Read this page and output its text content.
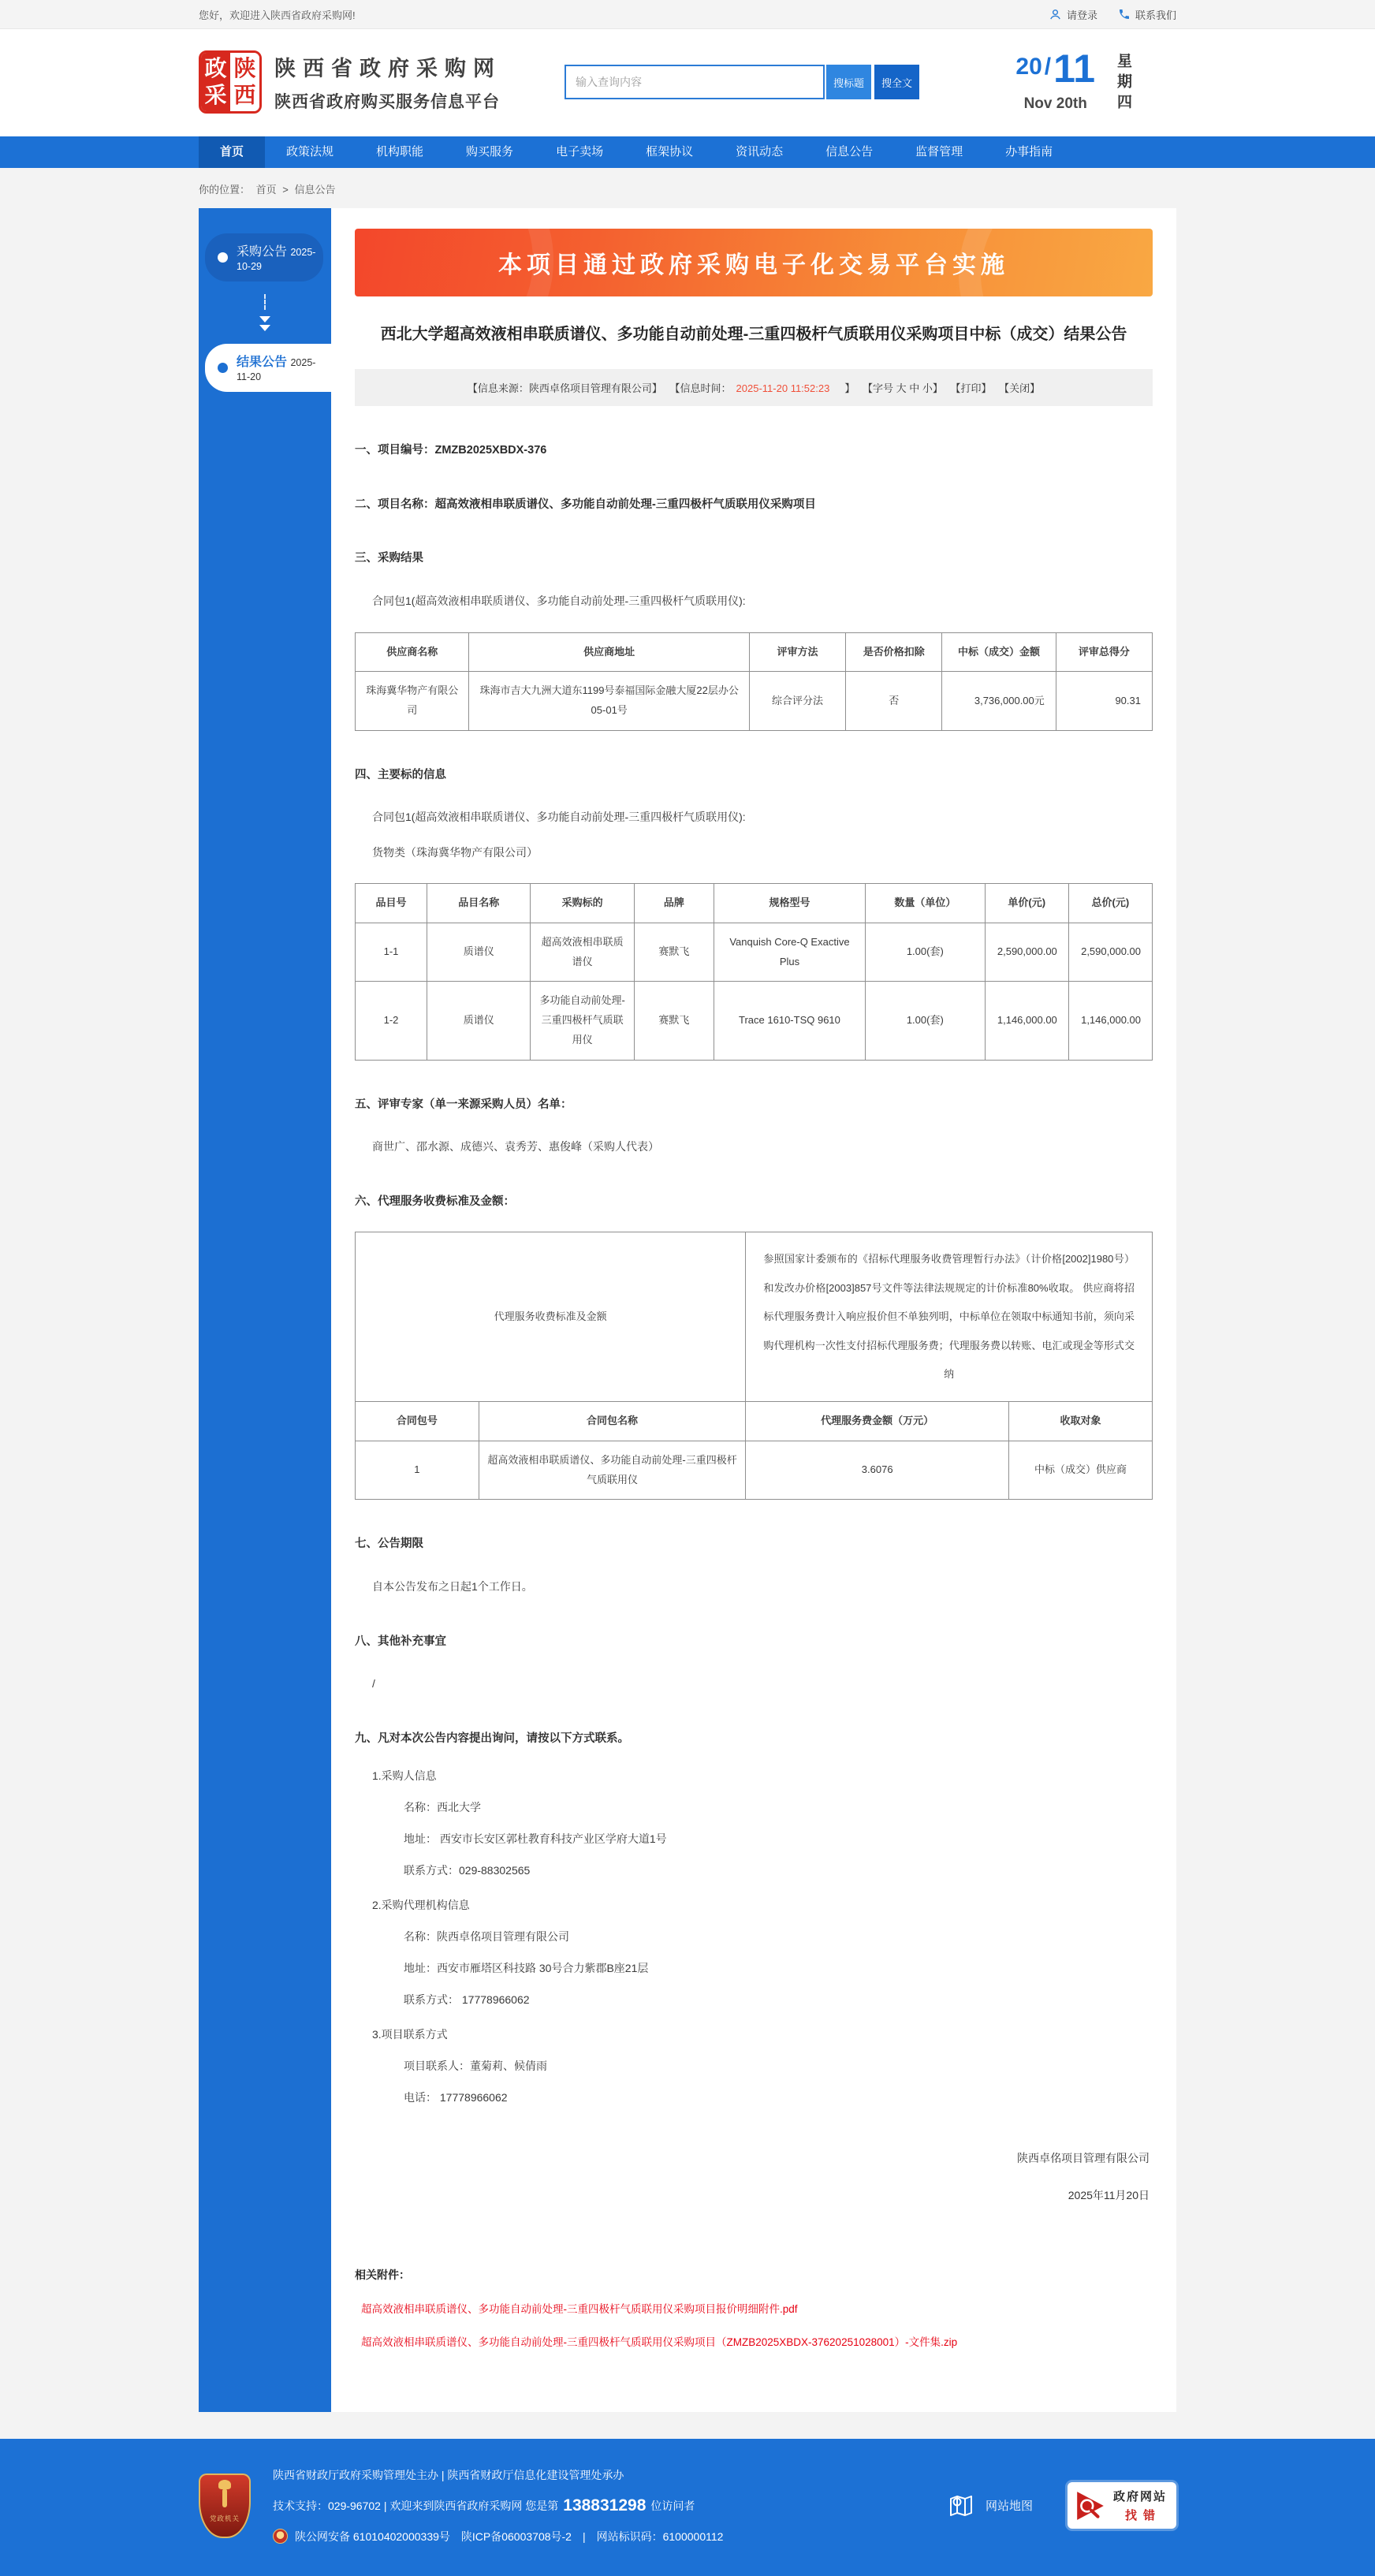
您好，欢迎进入陕西省政府采购网!	请登录	联系我们
政
采
陕
西
陕西省政府采购网
陕西省政府购买服务信息平台
输入查询内容
搜标题	搜全文
20 / 11
Nov 20th	星期四
首页	政策法规	机构职能	购买服务	电子卖场	框架协议	资讯动态	信息公告	监督管理	办事指南
你的位置： 首页 > 信息公告
采购公告 2025-10-29
结果公告 2025-11-20
本项目通过政府采购电子化交易平台实施
西北大学超高效液相串联质谱仪、多功能自动前处理-三重四极杆气质联用仪采购项目中标（成交）结果公告
【信息来源：陕西卓佲项目管理有限公司】 【信息时间： 2025-11-20 11:52:23　】 【字号 大 中 小】 【打印】 【关闭】
一、项目编号：ZMZB2025XBDX-376
二、项目名称：超高效液相串联质谱仪、多功能自动前处理-三重四极杆气质联用仪采购项目
三、采购结果
合同包1(超高效液相串联质谱仪、多功能自动前处理-三重四极杆气质联用仪):
供应商名称	供应商地址	评审方法	是否价格扣除	中标（成交）金额	评审总得分
珠海冀华物产有限公司	珠海市吉大九洲大道东1199号泰福国际金融大厦22层办公05-01号	综合评分法	否	3,736,000.00元	90.31
四、主要标的信息
合同包1(超高效液相串联质谱仪、多功能自动前处理-三重四极杆气质联用仪):
货物类（珠海冀华物产有限公司）
品目号	品目名称	采购标的	品牌	规格型号	数量（单位）	单价(元)	总价(元)
1-1	质谱仪	超高效液相串联质谱仪	赛默飞	Vanquish Core-Q Exactive Plus	1.00(套)	2,590,000.00	2,590,000.00
1-2	质谱仪	多功能自动前处理-三重四极杆气质联用仪	赛默飞	Trace 1610-TSQ 9610	1.00(套)	1,146,000.00	1,146,000.00
五、评审专家（单一来源采购人员）名单：
商世广、邵水源、成德兴、袁秀芳、惠俊峰（采购人代表）
六、代理服务收费标准及金额：
代理服务收费标准及金额		参照国家计委颁布的《招标代理服务收费管理暂行办法》（计价格[2002]1980号）和发改办价格[2003]857号文件等法律法规规定的计价标准80%收取。 供应商将招标代理服务费计入响应报价但不单独列明，中标单位在领取中标通知书前，须向采购代理机构一次性支付招标代理服务费；代理服务费以转账、电汇或现金等形式交纳	
合同包号	合同包名称	代理服务费金额（万元）	收取对象
1	超高效液相串联质谱仪、多功能自动前处理-三重四极杆气质联用仪	3.6076	中标（成交）供应商
七、公告期限
自本公告发布之日起1个工作日。
八、其他补充事宜
/
九、凡对本次公告内容提出询问，请按以下方式联系。
1.采购人信息
名称：西北大学
地址： 西安市长安区郭杜教育科技产业区学府大道1号
联系方式：029-88302565
2.采购代理机构信息
名称：陕西卓佲项目管理有限公司
地址：西安市雁塔区科技路 30号合力紫郡B座21层
联系方式： 17778966062
3.项目联系方式
项目联系人：董菊莉、候倩雨
电话： 17778966062
陕西卓佲项目管理有限公司
2025年11月20日
相关附件：
超高效液相串联质谱仪、多功能自动前处理-三重四极杆气质联用仪采购项目报价明细附件.pdf
超高效液相串联质谱仪、多功能自动前处理-三重四极杆气质联用仪采购项目（ZMZB2025XBDX-37620251028001）-文件集.zip
党政机关
陕西省财政厅政府采购管理处主办 | 陕西省财政厅信息化建设管理处承办
技术支持：029-96702 | 欢迎来到陕西省政府采购网 您是第 138831298 位访问者
陕公网安备 61010402000339号　陕ICP备06003708号-2　|　网站标识码：6100000112
网站地图
政府网站
找错
